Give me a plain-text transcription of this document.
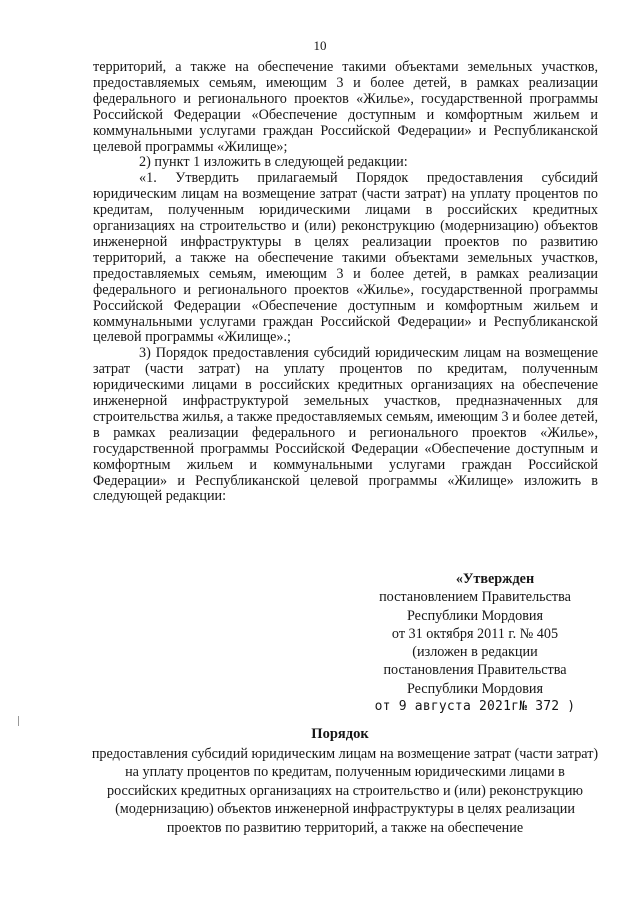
10

территорий, а также на обеспечение такими объектами земельных участков, предоставляемых семьям, имеющим 3 и более детей, в рамках реализации федерального и регионального проектов «Жилье», государственной программы Российской Федерации «Обеспечение доступным и комфортным жильем и коммунальными услугами граждан Российской Федерации» и Республиканской целевой программы «Жилище»;

2) пункт 1 изложить в следующей редакции:

«1. Утвердить прилагаемый Порядок предоставления субсидий юридическим лицам на возмещение затрат (части затрат) на уплату процентов по кредитам, полученным юридическими лицами в российских кредитных организациях на строительство и (или) реконструкцию (модернизацию) объектов инженерной инфраструктуры в целях реализации проектов по развитию территорий, а также на обеспечение такими объектами земельных участков, предоставляемых семьям, имеющим 3 и более детей, в рамках реализации федерального и регионального проектов «Жилье», государственной программы Российской Федерации «Обеспечение доступным и комфортным жильем и коммунальными услугами граждан Российской Федерации» и Республиканской целевой программы «Жилище».;

3) Порядок предоставления субсидий юридическим лицам на возмещение затрат (части затрат) на уплату процентов по кредитам, полученным юридическими лицами в российских кредитных организациях на обеспечение инженерной инфраструктурой земельных участков, предназначенных для строительства жилья, а также предоставляемых семьям, имеющим 3 и более детей, в рамках реализации федерального и регионального проектов «Жилье», государственной программы Российской Федерации «Обеспечение доступным и комфортным жильем и коммунальными услугами граждан Российской Федерации» и Республиканской целевой программы «Жилище» изложить в следующей редакции:

«Утвержден
постановлением Правительства
Республики Мордовия
от 31 октября 2011 г. № 405
(изложен в редакции
постановления Правительства
Республики Мордовия
от 9 августа 2021г№ 372 )
Порядок
предоставления субсидий юридическим лицам на возмещение затрат (части затрат) на уплату процентов по кредитам, полученным юридическими лицами в российских кредитных организациях на строительство и (или) реконструкцию (модернизацию) объектов инженерной инфраструктуры в целях реализации проектов по развитию территорий, а также на обеспечение
